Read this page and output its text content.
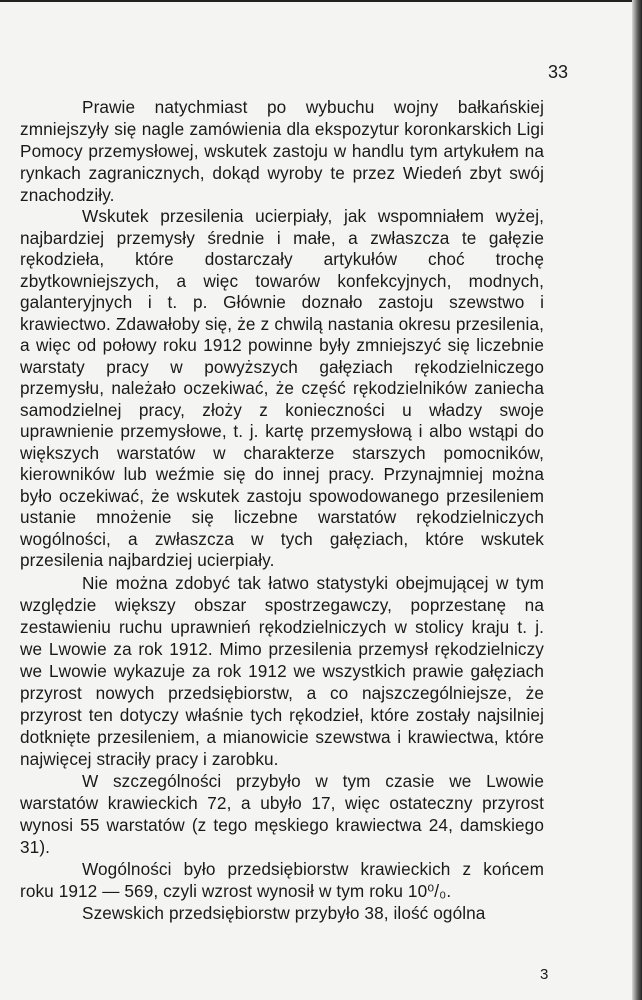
33

Prawie natychmiast po wybuchu wojny bałkańskiej zmniejszyły się nagle zamówienia dla ekspozytur koronkarskich Ligi Pomocy przemysłowej, wskutek zastoju w handlu tym artykułem na rynkach zagranicznych, dokąd wyroby te przez Wiedeń zbyt swój znachodziły.

Wskutek przesilenia ucierpiały, jak wspomniałem wyżej, najbardziej przemysły średnie i małe, a zwłaszcza te gałęzie rękodzieła, które dostarczały artykułów choć trochę zbytkowniejszych, a więc towarów konfekcyjnych, modnych, galanteryjnych i t. p. Głównie doznało zastoju szewstwo i krawiectwo. Zdawałoby się, że z chwilą nastania okresu przesilenia, a więc od połowy roku 1912 powinne były zmniejszyć się liczebnie warstaty pracy w powyższych gałęziach rękodzielniczego przemysłu, należało oczekiwać, że część rękodzielników zaniecha samodzielnej pracy, złoży z konieczności u władzy swoje uprawnienie przemysłowe, t. j. kartę przemysłową i albo wstąpi do większych warstatów w charakterze starszych pomocników, kierowników lub weźmie się do innej pracy. Przynajmniej można było oczekiwać, że wskutek zastoju spowodowanego przesileniem ustanie mnożenie się liczebne warstatów rękodzielniczych wogólności, a zwłaszcza w tych gałęziach, które wskutek przesilenia najbardziej ucierpiały.

Nie można zdobyć tak łatwo statystyki obejmującej w tym względzie większy obszar spostrzegawczy, poprzestanę na zestawieniu ruchu uprawnień rękodzielniczych w stolicy kraju t. j. we Lwowie za rok 1912. Mimo przesilenia przemysł rękodzielniczy we Lwowie wykazuje za rok 1912 we wszystkich prawie gałęziach przyrost nowych przedsiębiorstw, a co najszczególniejsze, że przyrost ten dotyczy właśnie tych rękodzieł, które zostały najsilniej dotknięte przesileniem, a mianowicie szewstwa i krawiectwa, które najwięcej straciły pracy i zarobku.

W szczególności przybyło w tym czasie we Lwowie warstatów krawieckich 72, a ubyło 17, więc ostateczny przyrost wynosi 55 warstatów (z tego męskiego krawiectwa 24, damskiego 31).

Wogólności było przedsiębiorstw krawieckich z końcem roku 1912 — 569, czyli wzrost wynosił w tym roku 10⁰/₀.

Szewskich przedsiębiorstw przybyło 38, ilość ogólna

3
